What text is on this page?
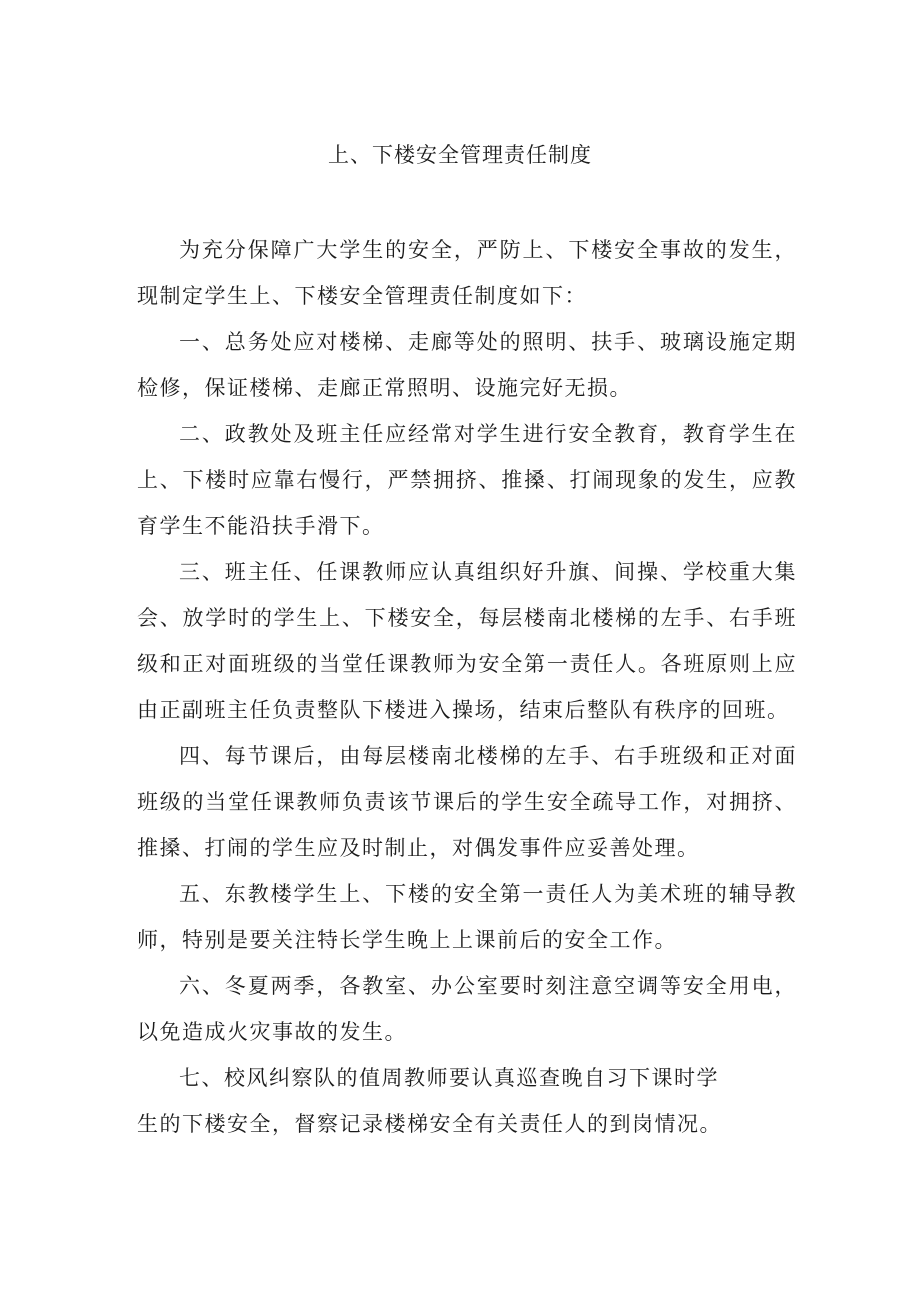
上、下楼安全管理责任制度

为充分保障广大学生的安全，严防上、下楼安全事故的发生，现制定学生上、下楼安全管理责任制度如下：

一、总务处应对楼梯、走廊等处的照明、扶手、玻璃设施定期检修，保证楼梯、走廊正常照明、设施完好无损。

二、政教处及班主任应经常对学生进行安全教育，教育学生在上、下楼时应靠右慢行，严禁拥挤、推搡、打闹现象的发生，应教育学生不能沿扶手滑下。

三、班主任、任课教师应认真组织好升旗、间操、学校重大集会、放学时的学生上、下楼安全，每层楼南北楼梯的左手、右手班级和正对面班级的当堂任课教师为安全第一责任人。各班原则上应由正副班主任负责整队下楼进入操场，结束后整队有秩序的回班。

四、每节课后，由每层楼南北楼梯的左手、右手班级和正对面班级的当堂任课教师负责该节课后的学生安全疏导工作，对拥挤、推搡、打闹的学生应及时制止，对偶发事件应妥善处理。

五、东教楼学生上、下楼的安全第一责任人为美术班的辅导教师，特别是要关注特长学生晚上上课前后的安全工作。

六、冬夏两季，各教室、办公室要时刻注意空调等安全用电，以免造成火灾事故的发生。

七、校风纠察队的值周教师要认真巡查晚自习下课时学
生的下楼安全，督察记录楼梯安全有关责任人的到岗情况。
